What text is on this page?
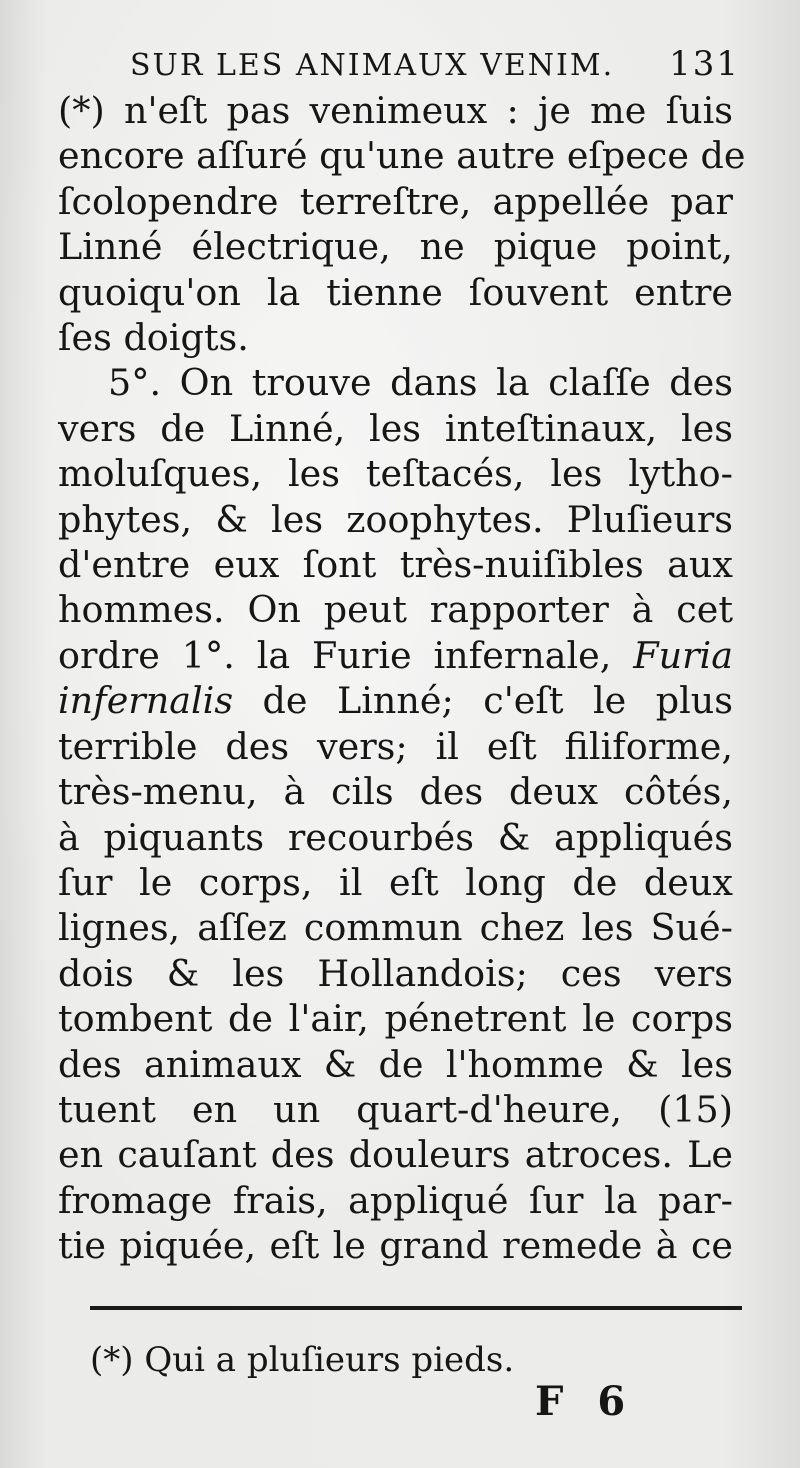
SUR LES ANIMAUX VENIM. 131
(*) n'eſt pas venimeux : je me ſuis
encore aſſuré qu'une autre eſpece de
ſcolopendre terreſtre, appellée par
Linné électrique, ne pique point,
quoiqu'on la tienne ſouvent entre
ſes doigts.
5°. On trouve dans la claſſe des
vers de Linné, les inteſtinaux, les
moluſques, les teſtacés, les lytho-
phytes, & les zoophytes. Pluſieurs
d'entre eux ſont très-nuiſibles aux
hommes. On peut rapporter à cet
ordre 1°. la Furie infernale, Furia
infernalis de Linné; c'eſt le plus
terrible des vers; il eſt filiforme,
très-menu, à cils des deux côtés,
à piquants recourbés & appliqués
ſur le corps, il eſt long de deux
lignes, aſſez commun chez les Sué-
dois & les Hollandois; ces vers
tombent de l'air, pénetrent le corps
des animaux & de l'homme & les
tuent en un quart-d'heure, (15)
en cauſant des douleurs atroces. Le
fromage frais, appliqué ſur la par-
tie piquée, eſt le grand remede à ce
(*) Qui a pluſieurs pieds.
F 6
